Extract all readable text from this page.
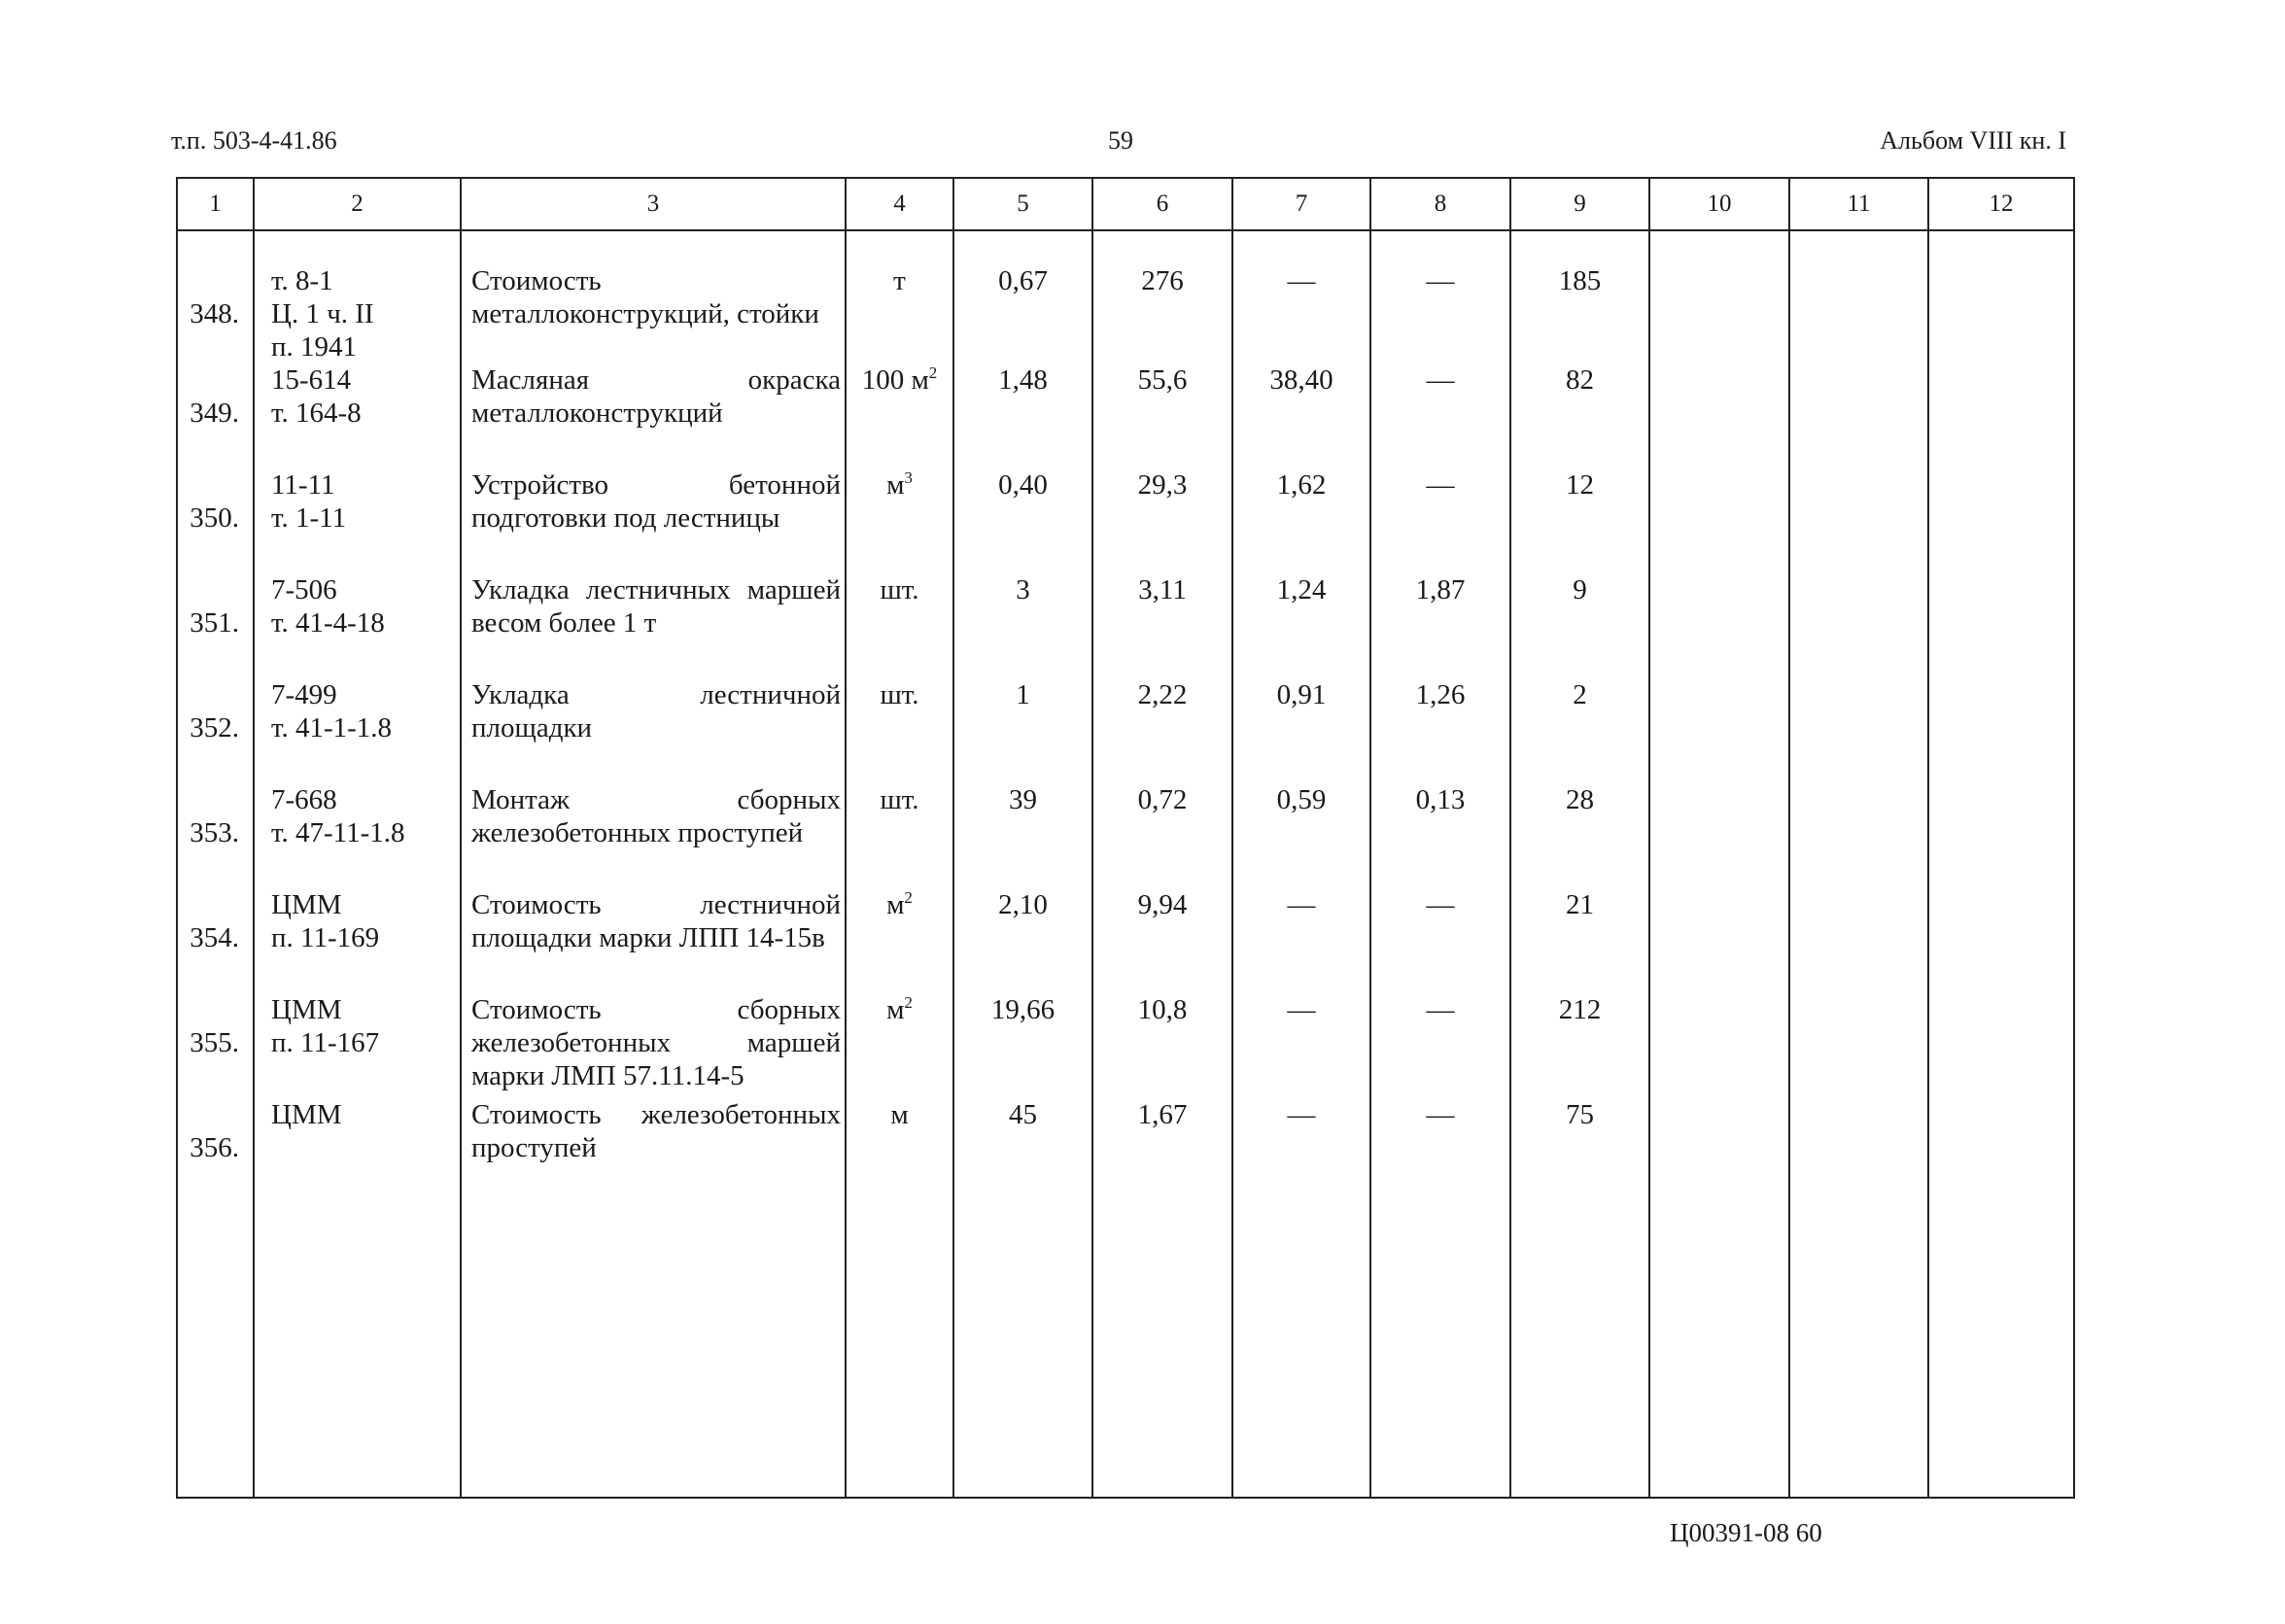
т.п. 503-4-41.86	59	Альбом VIII кн. I
1	2	3	4	5	6	7	8	9	10	11	12

348.	т. 8-1
Ц. 1 ч. II
п. 1941	Стоимость металлоконструкций, стойки	т	0,67	276	—	—	185			

349.	15-614
т. 164-8	Масляная окраска металлоконструкций	100 $м^2$	1,48	55,6	38,40	—	82			

350.	11-11
т. 1-11	Устройство бетонной подготовки под лестницы	$м^3$	0,40	29,3	1,62	—	12			

351.	7-506
т. 41-4-18	Укладка лестничных маршей весом более 1 т	шт.	3	3,11	1,24	1,87	9			

352.	7-499
т. 41-1-1.8	Укладка лестничной площадки	шт.	1	2,22	0,91	1,26	2			

353.	7-668
т. 47-11-1.8	Монтаж сборных железобетонных проступей	шт.	39	0,72	0,59	0,13	28			

354.	ЦММ
п. 11-169	Стоимость лестничной площадки марки ЛПП 14-15в	$м^2$	2,10	9,94	—	—	21			

355.	ЦММ
п. 11-167	Стоимость сборных железобетонных маршей марки ЛМП 57.11.14-5	$м^2$	19,66	10,8	—	—	212			

356.	ЦММ	Стоимость железобетонных проступей	м	45	1,67	—	—	75			

Ц00391-08 60
